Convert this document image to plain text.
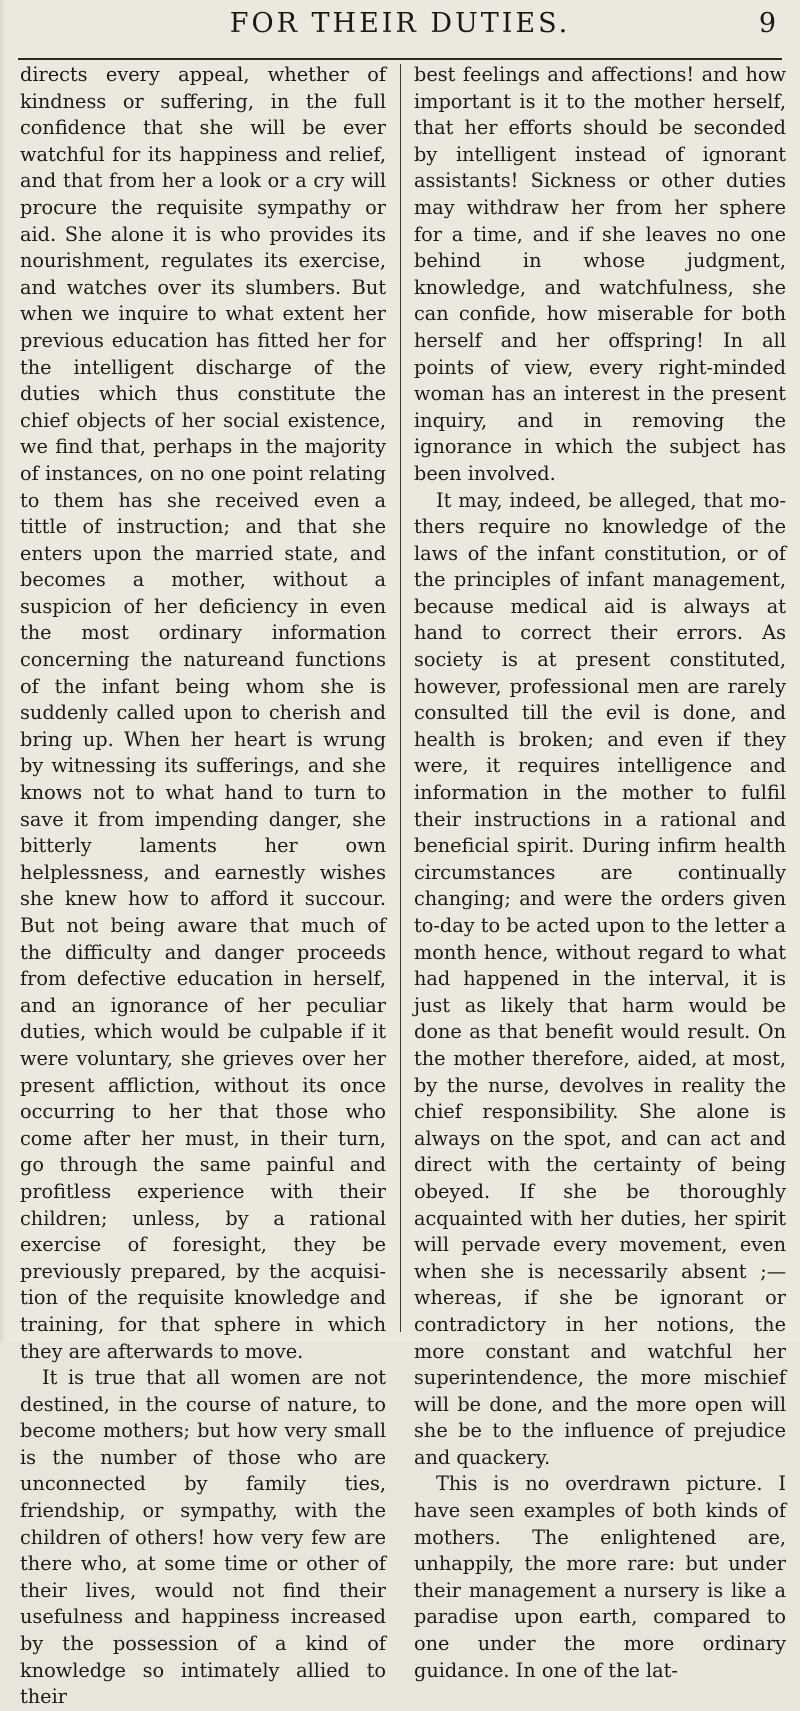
FOR THEIR DUTIES.	9

directs every appeal, whether of kindness or suffering, in the full confidence that she will be ever watchful for its happiness and relief, and that from her a look or a cry will procure the requisite sympathy or aid. She alone it is who provides its nourishment, regulates its exercise, and watches over its slumbers. But when we inquire to what extent her previous education has fitted her for the intelligent discharge of the duties which thus constitute the chief objects of her social existence, we find that, perhaps in the majority of instances, on no one point relating to them has she received even a tittle of instruction; and that she enters upon the married state, and becomes a mother, without a suspicion of her deficiency in even the most ordinary information concerning the natureand functions of the infant being whom she is suddenly called upon to cherish and bring up. When her heart is wrung by witnessing its sufferings, and she knows not to what hand to turn to save it from impending danger, she bitterly laments her own helplessness, and earnestly wishes she knew how to afford it succour. But not being aware that much of the difficulty and danger proceeds from defective education in herself, and an ignorance of her peculiar duties, which would be culpable if it were voluntary, she grieves over her present affliction, without its once occurring to her that those who come after her must, in their turn, go through the same painful and profitless experience with their children; unless, by a rational exercise of foresight, they be previously prepared, by the acquisition of the requisite knowledge and training, for that sphere in which they are afterwards to move.

It is true that all women are not destined, in the course of nature, to become mothers; but how very small is the number of those who are unconnected by family ties, friendship, or sympathy, with the children of others! how very few are there who, at some time or other of their lives, would not find their usefulness and happiness increased by the possession of a kind of knowledge so intimately allied to their

best feelings and affections! and how important is it to the mother herself, that her efforts should be seconded by intelligent instead of ignorant assistants! Sickness or other duties may withdraw her from her sphere for a time, and if she leaves no one behind in whose judgment, knowledge, and watchfulness, she can confide, how miserable for both herself and her offspring! In all points of view, every right-minded woman has an interest in the present inquiry, and in removing the ignorance in which the subject has been involved.

It may, indeed, be alleged, that mothers require no knowledge of the laws of the infant constitution, or of the principles of infant management, because medical aid is always at hand to correct their errors. As society is at present constituted, however, professional men are rarely consulted till the evil is done, and health is broken; and even if they were, it requires intelligence and information in the mother to fulfil their instructions in a rational and beneficial spirit. During infirm health circumstances are continually changing; and were the orders given to-day to be acted upon to the letter a month hence, without regard to what had happened in the interval, it is just as likely that harm would be done as that benefit would result. On the mother therefore, aided, at most, by the nurse, devolves in reality the chief responsibility. She alone is always on the spot, and can act and direct with the certainty of being obeyed. If she be thoroughly acquainted with her duties, her spirit will pervade every movement, even when she is necessarily absent ;—whereas, if she be ignorant or contradictory in her notions, the more constant and watchful her superintendence, the more mischief will be done, and the more open will she be to the influence of prejudice and quackery.

This is no overdrawn picture. I have seen examples of both kinds of mothers. The enlightened are, unhappily, the more rare: but under their management a nursery is like a paradise upon earth, compared to one under the more ordinary guidance. In one of the lat-
